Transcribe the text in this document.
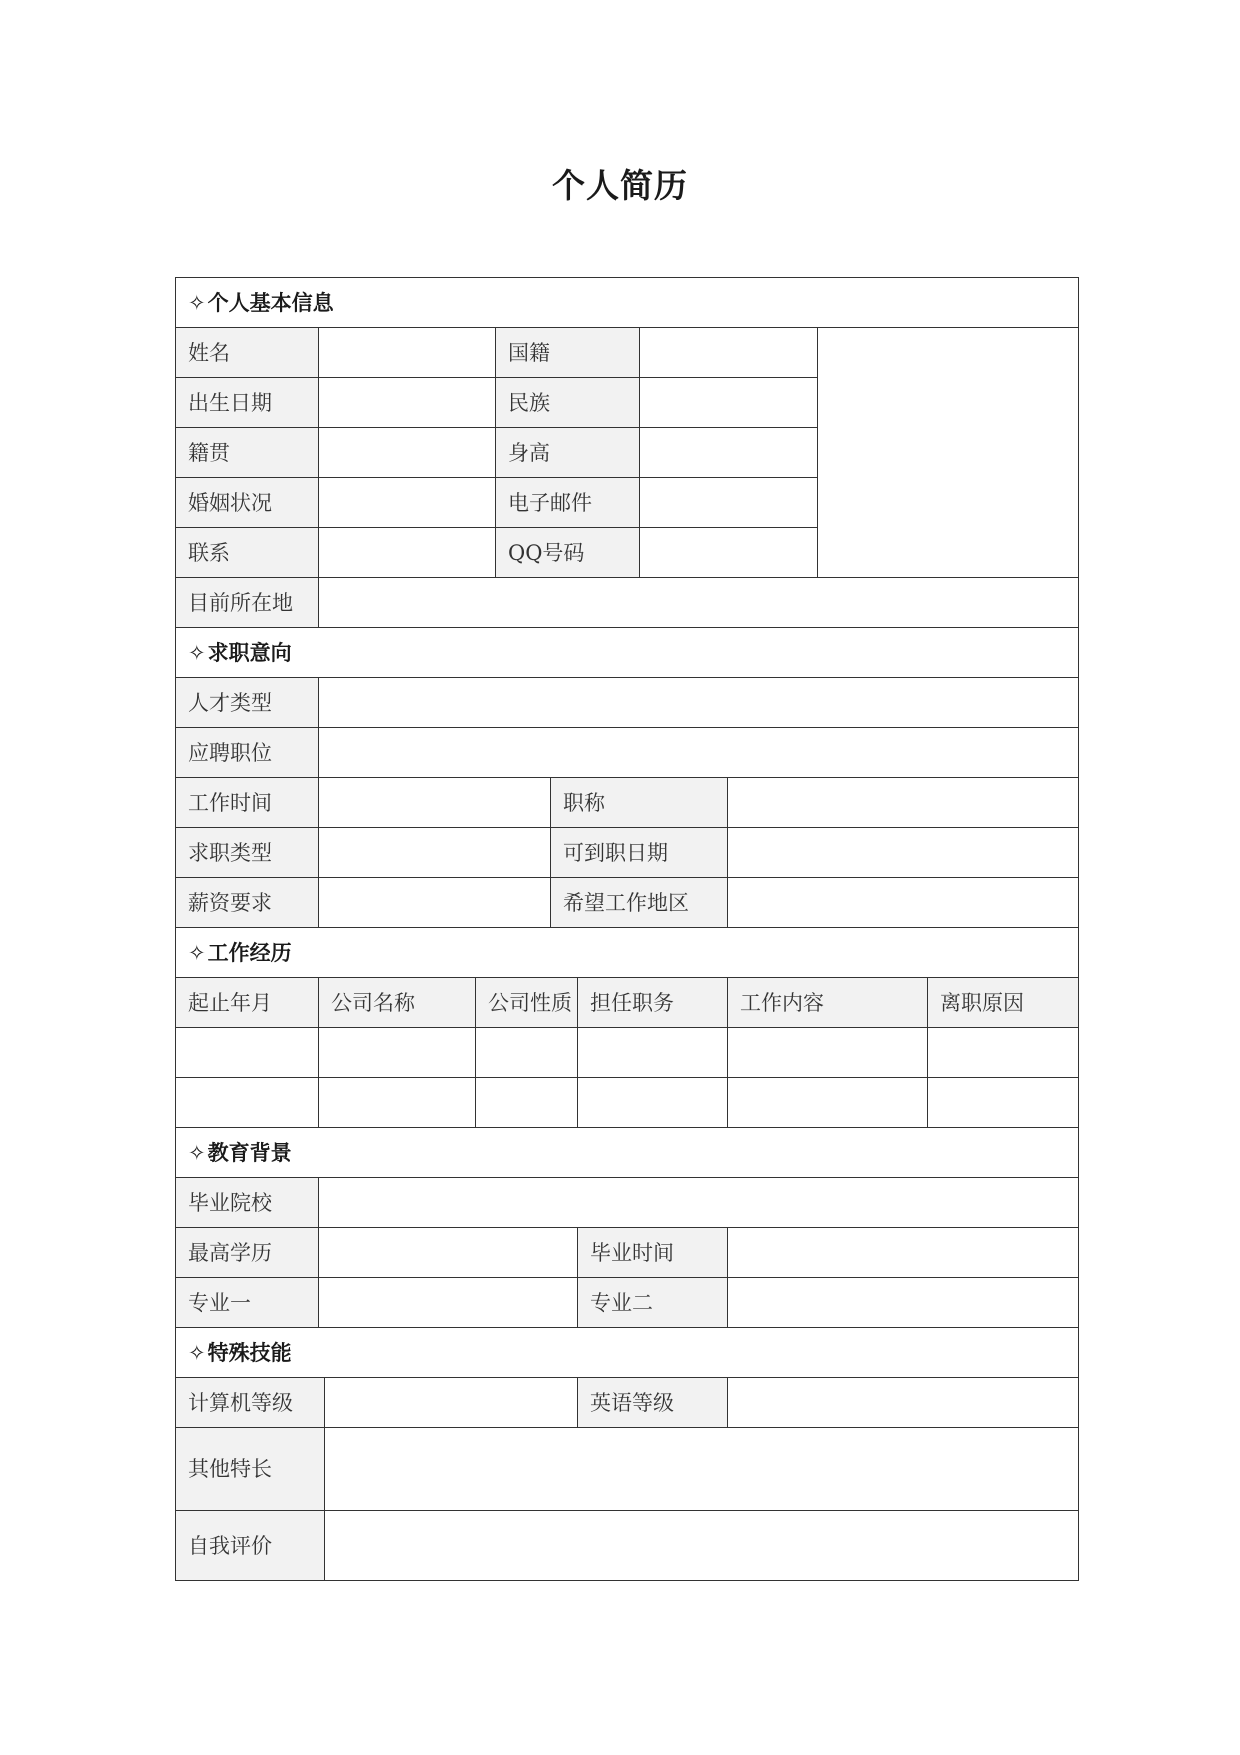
个人简历
✧个人基本信息										
姓名				国籍						
出生日期				民族						
籍贯				身高						
婚姻状况				电子邮件						
联系				QQ号码						
目前所在地										
✧求职意向										
人才类型										
应聘职位										
工作时间					职称					
求职类型					可到职日期					
薪资要求					希望工作地区					
✧工作经历										
起止年月	公司名称		公司性质			担任职务		工作内容		离职原因

✧教育背景										
毕业院校										
最高学历						毕业时间				
专业一						专业二				
✧特殊技能										
计算机等级						英语等级				
其他特长										
自我评价										
